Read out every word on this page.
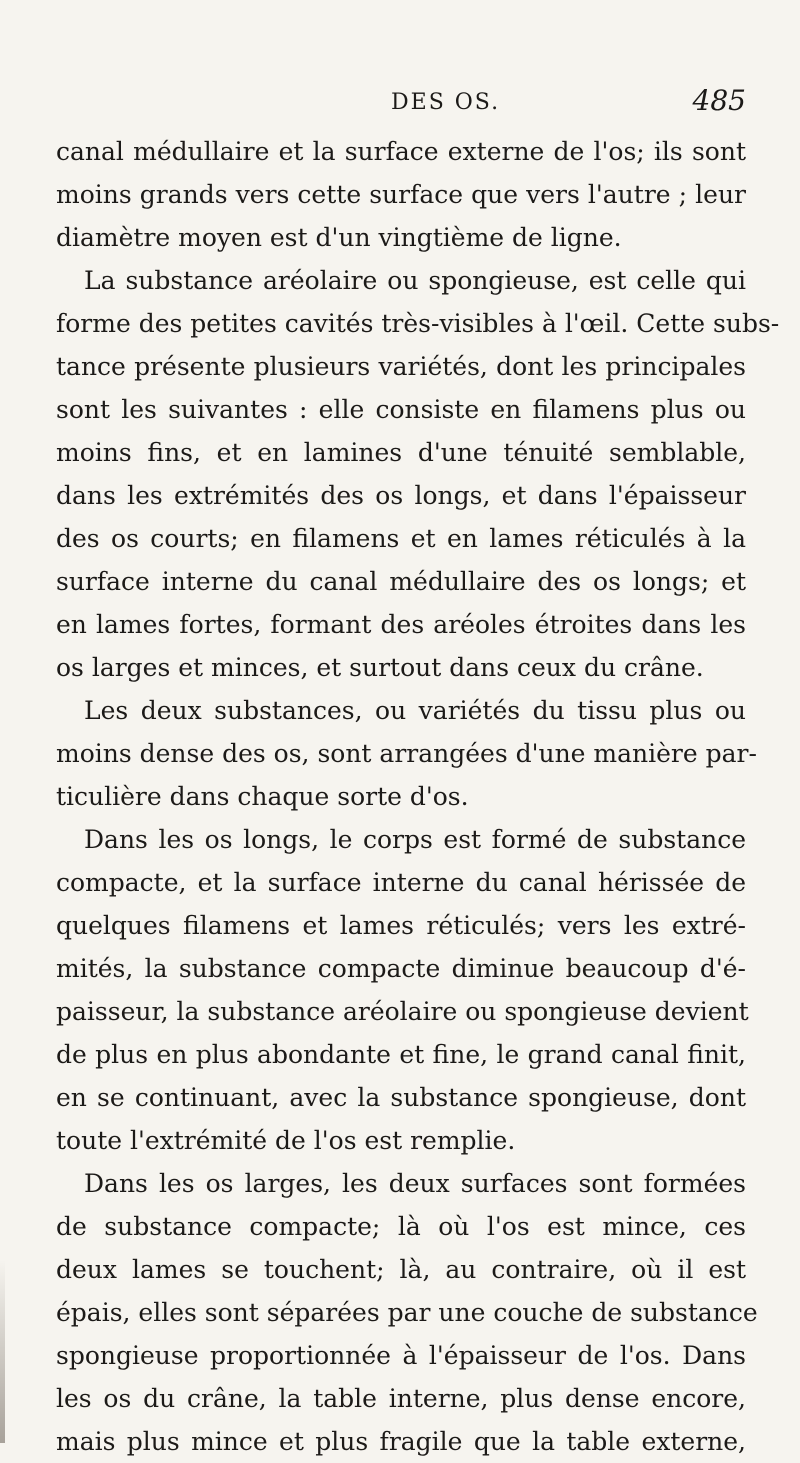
DES OS.	485
canal médullaire et la surface externe de l'os; ils sont
moins grands vers cette surface que vers l'autre ; leur
diamètre moyen est d'un vingtième de ligne.
La substance aréolaire ou spongieuse, est celle qui
forme des petites cavités très-visibles à l'œil. Cette subs-
tance présente plusieurs variétés, dont les principales
sont les suivantes : elle consiste en filamens plus ou
moins fins, et en lamines d'une ténuité semblable,
dans les extrémités des os longs, et dans l'épaisseur
des os courts; en filamens et en lames réticulés à la
surface interne du canal médullaire des os longs; et
en lames fortes, formant des aréoles étroites dans les
os larges et minces, et surtout dans ceux du crâne.
Les deux substances, ou variétés du tissu plus ou
moins dense des os, sont arrangées d'une manière par-
ticulière dans chaque sorte d'os.
Dans les os longs, le corps est formé de substance
compacte, et la surface interne du canal hérissée de
quelques filamens et lames réticulés; vers les extré-
mités, la substance compacte diminue beaucoup d'é-
paisseur, la substance aréolaire ou spongieuse devient
de plus en plus abondante et fine, le grand canal finit,
en se continuant, avec la substance spongieuse, dont
toute l'extrémité de l'os est remplie.
Dans les os larges, les deux surfaces sont formées
de substance compacte; là où l'os est mince, ces
deux lames se touchent; là, au contraire, où il est
épais, elles sont séparées par une couche de substance
spongieuse proportionnée à l'épaisseur de l'os. Dans
les os du crâne, la table interne, plus dense encore,
mais plus mince et plus fragile que la table externe,
